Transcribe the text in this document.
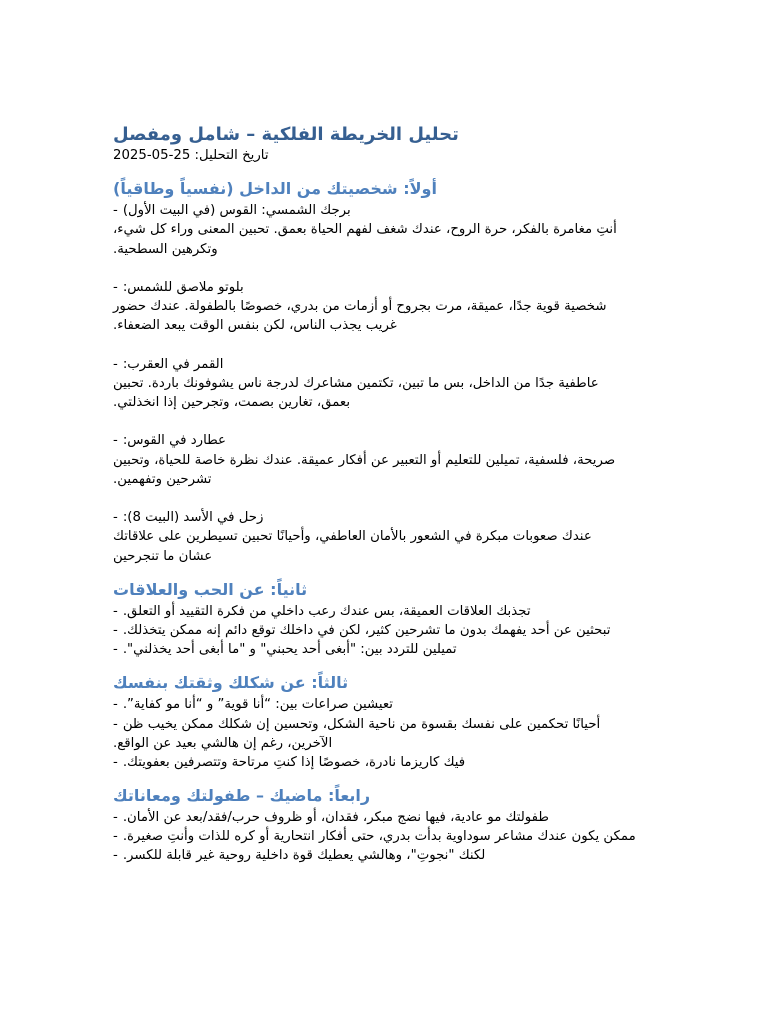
تحليل الخريطة الفلكية – شامل ومفصل
تاريخ التحليل: 25-05-2025
أولاً: شخصيتك من الداخل (نفسياً وطاقياً)
- برجك الشمسي: القوس (في البيت الأول)
أنتِ مغامرة بالفكر، حرة الروح، عندك شغف لفهم الحياة بعمق. تحبين المعنى وراء كل شيء،
وتكرهين السطحية.
- بلوتو ملاصق للشمس:
شخصية قوية جدًا، عميقة، مرت بجروح أو أزمات من بدري، خصوصًا بالطفولة. عندك حضور
غريب يجذب الناس، لكن بنفس الوقت يبعد الضعفاء.
- القمر في العقرب:
عاطفية جدًا من الداخل، بس ما تبين، تكتمين مشاعرك لدرجة ناس يشوفونك باردة. تحبين
بعمق، تغارين بصمت، وتجرحين إذا انخذلتي.
- عطارد في القوس:
صريحة، فلسفية، تميلين للتعليم أو التعبير عن أفكار عميقة. عندك نظرة خاصة للحياة، وتحبين
تشرحين وتفهمين.
- زحل في الأسد (البيت 8):
عندك صعوبات مبكرة في الشعور بالأمان العاطفي، وأحيانًا تحبين تسيطرين على علاقاتك
عشان ما تنجرحين
ثانياً: عن الحب والعلاقات
- تجذبك العلاقات العميقة، بس عندك رعب داخلي من فكرة التقييد أو التعلق.
- تبحثين عن أحد يفهمك بدون ما تشرحين كثير، لكن في داخلك توقع دائم إنه ممكن يتخذلك.
- تميلين للتردد بين: "أبغى أحد يحبني" و "ما أبغى أحد يخذلني".
ثالثاً: عن شكلك وثقتك بنفسك
- تعيشين صراعات بين: “أنا قوية” و “أنا مو كفاية”.
- أحيانًا تحكمين على نفسك بقسوة من ناحية الشكل، وتحسين إن شكلك ممكن يخيب ظن
الآخرين، رغم إن هالشي بعيد عن الواقع.
- فيك كاريزما نادرة، خصوصًا إذا كنتِ مرتاحة وتتصرفين بعفويتك.
رابعاً: ماضيك – طفولتك ومعاناتك
- طفولتك مو عادية، فيها نضج مبكر، فقدان، أو ظروف حرب/فقد/بعد عن الأمان.
- ممكن يكون عندك مشاعر سوداوية بدأت بدري، حتى أفكار انتحارية أو كره للذات وأنتِ صغيرة.
- لكنك "نجوتِ"، وهالشي يعطيك قوة داخلية روحية غير قابلة للكسر.
